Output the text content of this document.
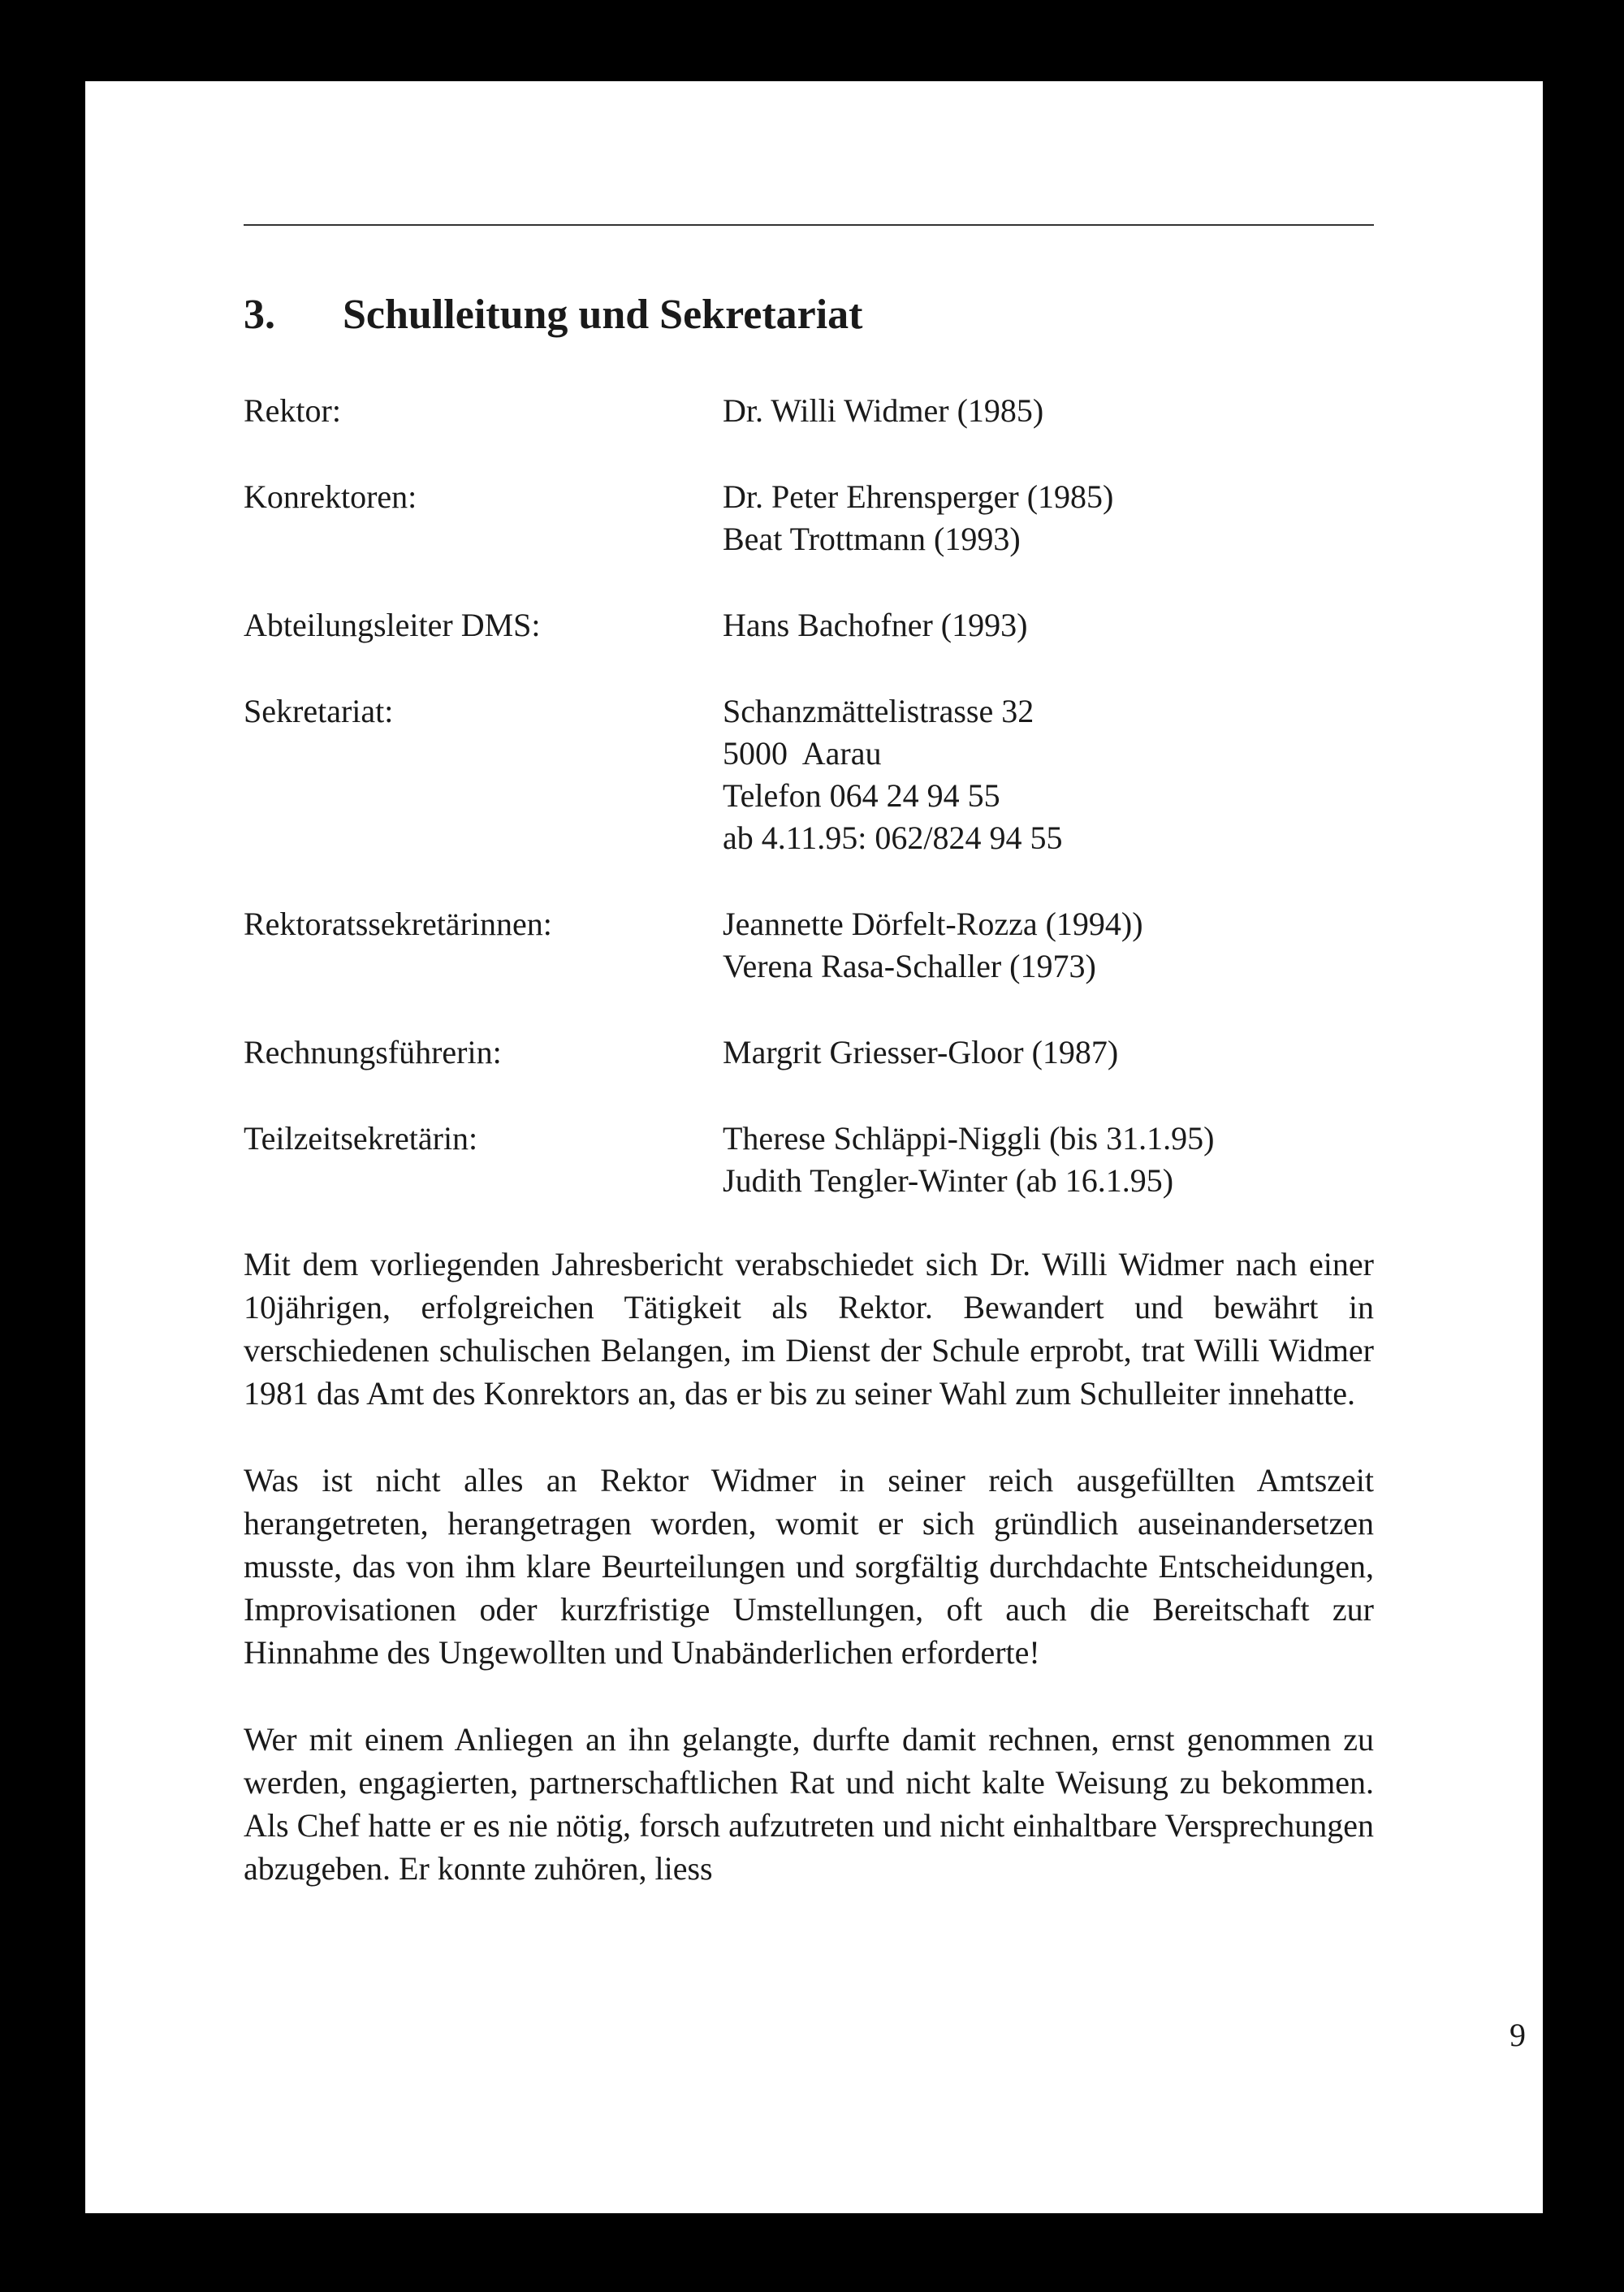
3. Schulleitung und Sekretariat
Rektor:	Dr. Willi Widmer (1985)
Konrektoren:	Dr. Peter Ehrensperger (1985)
Beat Trottmann (1993)
Abteilungsleiter DMS:	Hans Bachofner (1993)
Sekretariat:	Schanzmättelistrasse 32
5000  Aarau
Telefon 064 24 94 55
ab 4.11.95: 062/824 94 55
Rektoratssekretärinnen:	Jeannette Dörfelt-Rozza (1994))
Verena Rasa-Schaller (1973)
Rechnungsführerin:	Margrit Griesser-Gloor (1987)
Teilzeitsekretärin:	Therese Schläppi-Niggli (bis 31.1.95)
Judith Tengler-Winter (ab 16.1.95)

Mit dem vorliegenden Jahresbericht verabschiedet sich Dr. Willi Widmer nach einer 10jährigen, erfolgreichen Tätigkeit als Rektor. Bewandert und bewährt in verschiedenen schulischen Belangen, im Dienst der Schule erprobt, trat Willi Widmer 1981 das Amt des Konrektors an, das er bis zu seiner Wahl zum Schulleiter innehatte.

Was ist nicht alles an Rektor Widmer in seiner reich ausgefüllten Amtszeit herangetreten, herangetragen worden, womit er sich gründlich auseinandersetzen musste, das von ihm klare Beurteilungen und sorgfältig durchdachte Entscheidungen, Improvisationen oder kurzfristige Umstellungen, oft auch die Bereitschaft zur Hinnahme des Ungewollten und Unabänderlichen erforderte!

Wer mit einem Anliegen an ihn gelangte, durfte damit rechnen, ernst genommen zu werden, engagierten, partnerschaftlichen Rat und nicht kalte Weisung zu bekommen. Als Chef hatte er es nie nötig, forsch aufzutreten und nicht einhaltbare Versprechungen abzugeben. Er konnte zuhören, liess

9
